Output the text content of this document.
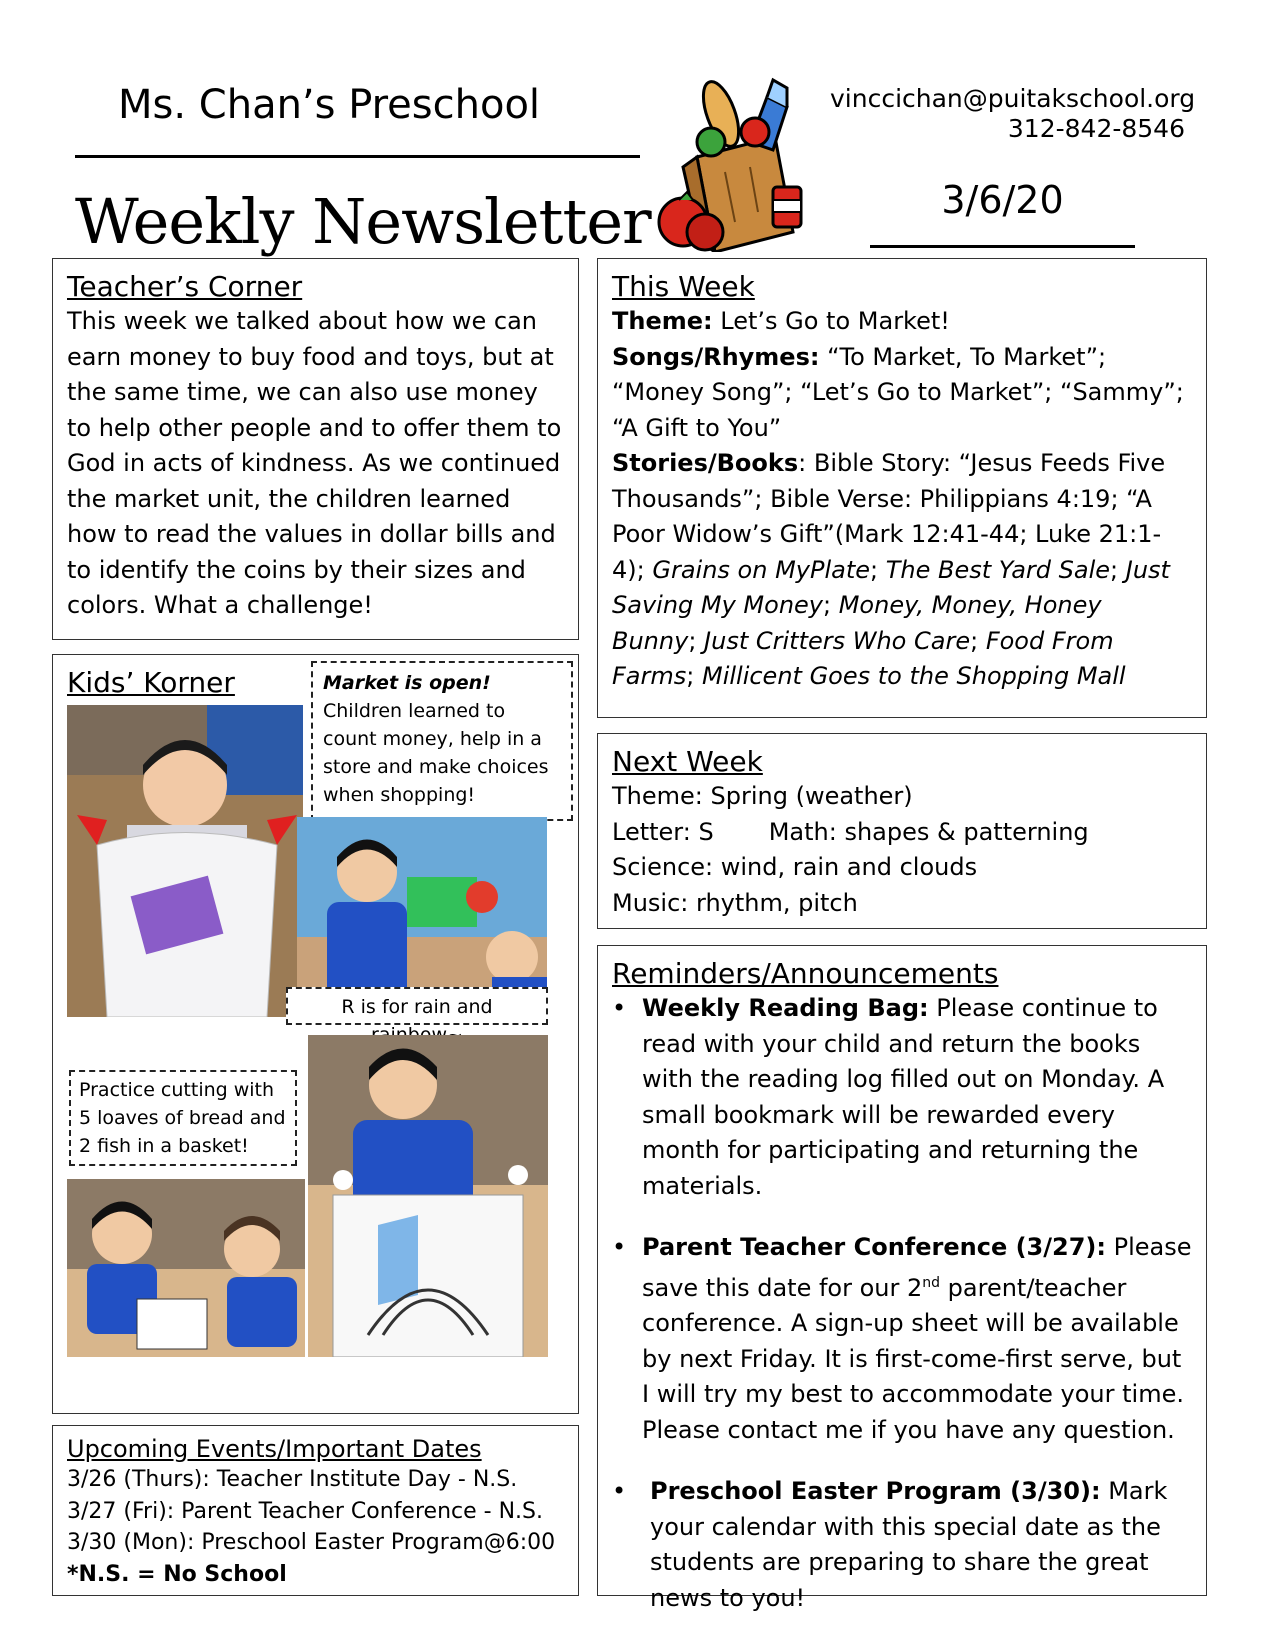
Ms. Chan’s Preschool
Weekly Newsletter
vinccichan@puitakschool.org
312-842-8546
3/6/20
Teacher’s Corner
This week we talked about how we can earn money to buy food and toys, but at the same time, we can also use money to help other people and to offer them to God in acts of kindness. As we continued the market unit, the children learned how to read the values in dollar bills and to identify the coins by their sizes and colors. What a challenge!
Kids’ Korner	Market is open!
Children learned to count money, help in a store and make choices when shopping!
R is for rain and
Practice cutting with 5 loaves of bread and 2 fish in a basket!
Upcoming Events/Important Dates
3/26 (Thurs): Teacher Institute Day - N.S.
3/27 (Fri): Parent Teacher Conference - N.S.
3/30 (Mon): Preschool Easter Program@6:00
*N.S. = No School
This Week
Theme: Let’s Go to Market!
Songs/Rhymes: “To Market, To Market”; “Money Song”; “Let’s Go to Market”; “Sammy”; “A Gift to You”
Stories/Books: Bible Story: “Jesus Feeds Five Thousands”; Bible Verse: Philippians 4:19; “A Poor Widow’s Gift”(Mark 12:41-44; Luke 21:1-4); Grains on MyPlate; The Best Yard Sale; Just Saving My Money; Money, Money, Honey Bunny; Just Critters Who Care; Food From Farms; Millicent Goes to the Shopping Mall
Next Week
Theme: Spring (weather)
Letter: S Math: shapes & patterning
Science: wind, rain and clouds
Music: rhythm, pitch
Reminders/Announcements
• Weekly Reading Bag: Please continue to read with your child and return the books with the reading log filled out on Monday. A small bookmark will be rewarded every month for participating and returning the materials.
• Parent Teacher Conference (3/27): Please save this date for our 2nd parent/teacher conference. A sign-up sheet will be available by next Friday. It is first-come-first serve, but I will try my best to accommodate your time. Please contact me if you have any question.
• Preschool Easter Program (3/30): Mark your calendar with this special date as the students are preparing to share the great news to you!
